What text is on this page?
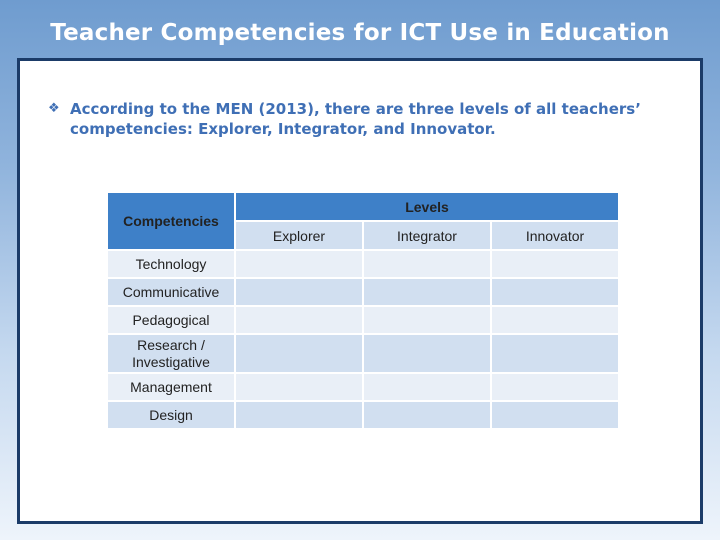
Teacher Competencies for ICT Use in Education
❖ According to the MEN (2013), there are three levels of all teachers’ competencies: Explorer, Integrator, and Innovator.
Competencies	Levels		
	Explorer	Integrator	Innovator
Technology			
Communicative			
Pedagogical			
Research / Investigative			
Management			
Design			
